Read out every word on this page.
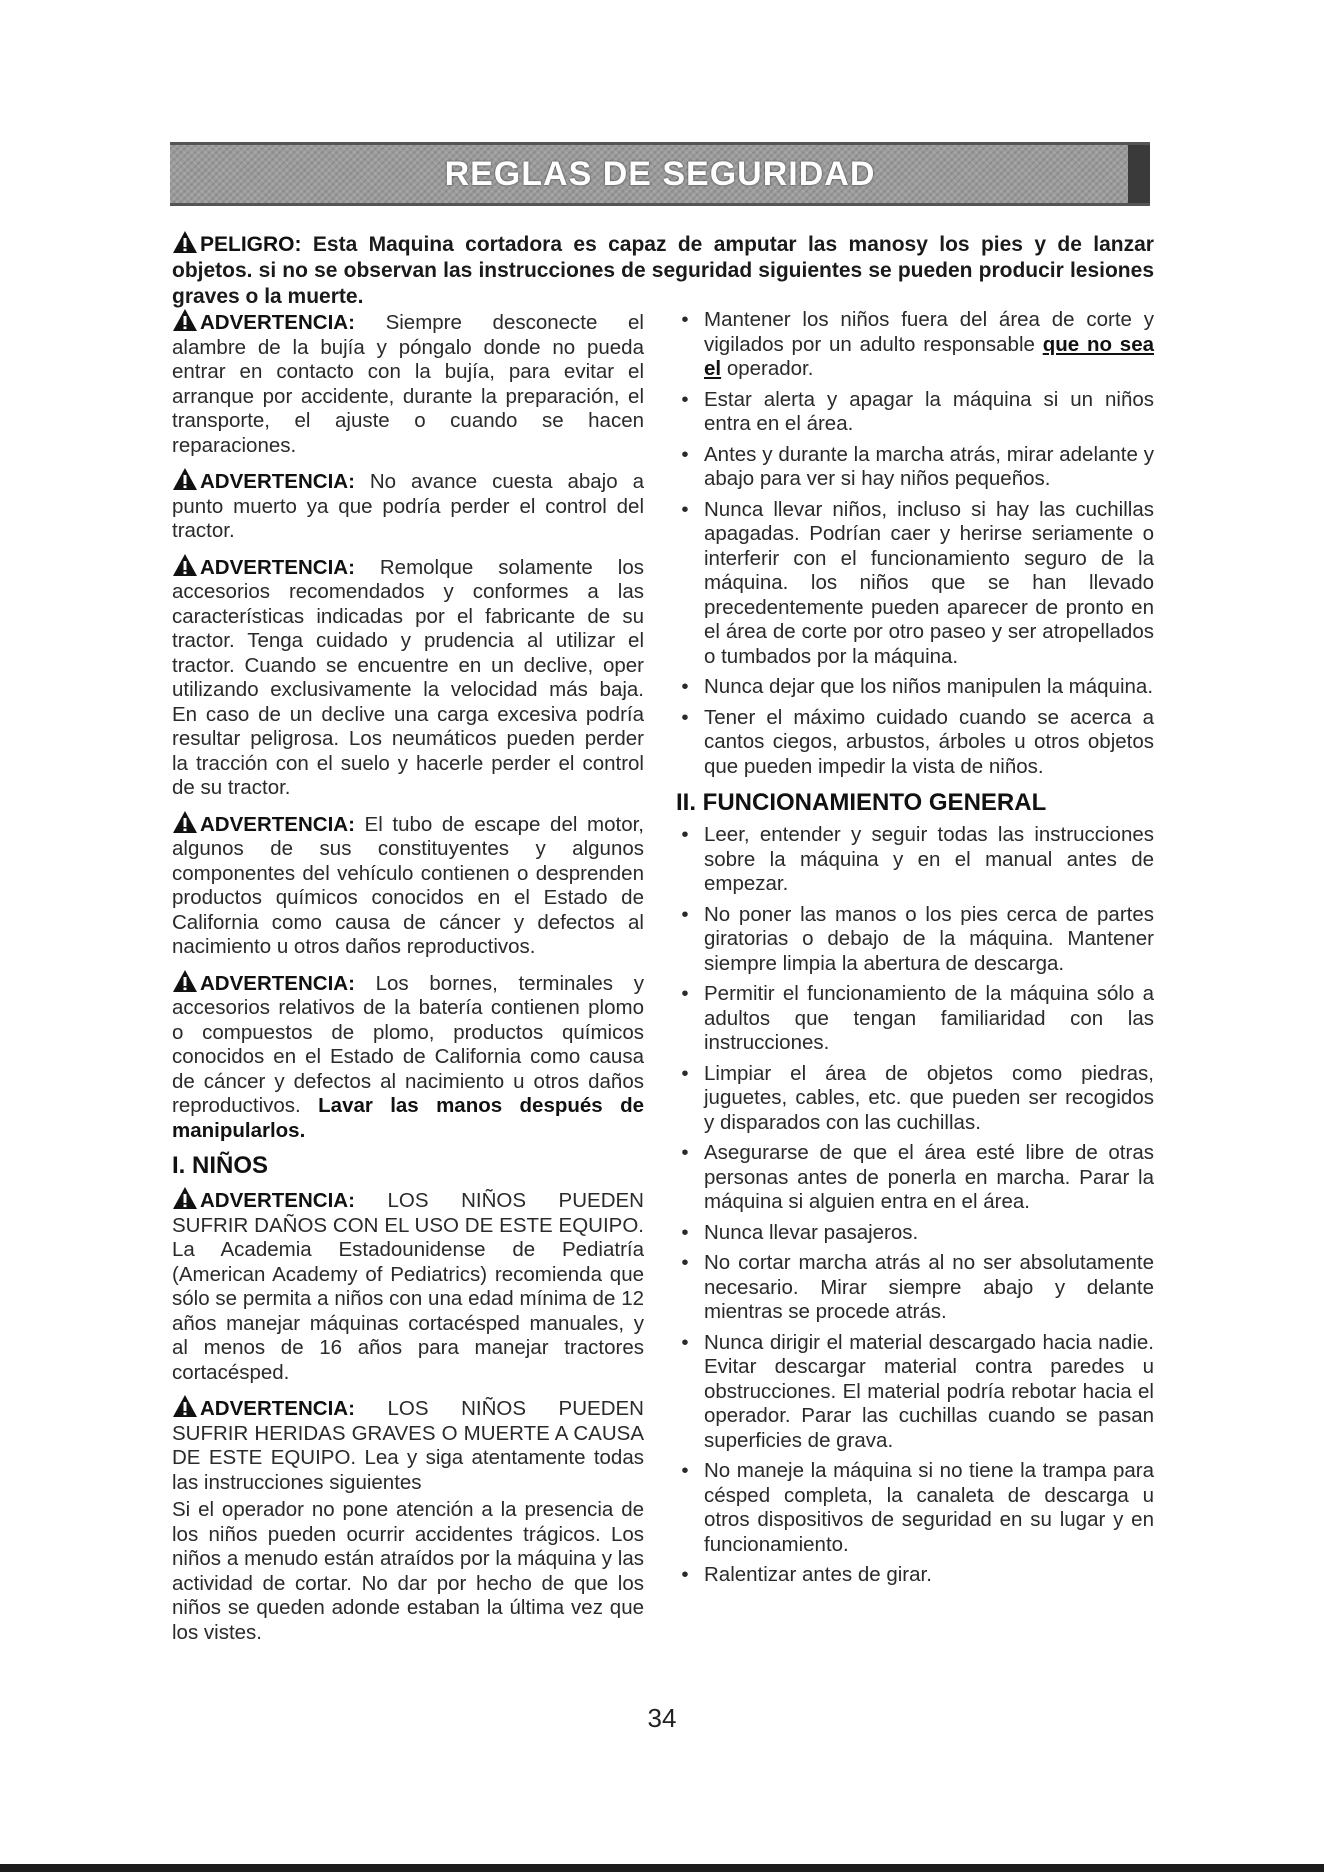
REGLAS DE SEGURIDAD
PELIGRO: Esta Maquina cortadora es capaz de amputar las manosy los pies y de lanzar objetos. si no se observan las instrucciones de seguridad siguientes se pueden producir lesiones graves o la muerte.

ADVERTENCIA: Siempre desconecte el alambre de la bujía y póngalo donde no pueda entrar en contacto con la bujía, para evitar el arranque por accidente, durante la preparación, el transporte, el ajuste o cuando se hacen reparaciones.

ADVERTENCIA: No avance cuesta abajo a punto muerto ya que podría perder el control del tractor.

ADVERTENCIA: Remolque solamente los accesorios recomendados y conformes a las características indicadas por el fabricante de su tractor. Tenga cuidado y prudencia al utilizar el tractor. Cuando se encuentre en un declive, oper utilizando exclusivamente la velocidad más baja. En caso de un declive una carga excesiva podría resultar peligrosa. Los neumáticos pueden perder la tracción con el suelo y hacerle perder el control de su tractor.

ADVERTENCIA: El tubo de escape del motor, algunos de sus constituyentes y algunos componentes del vehículo contienen o desprenden productos químicos conocidos en el Estado de California como causa de cáncer y defectos al nacimiento u otros daños reproductivos.

ADVERTENCIA: Los bornes, terminales y accesorios relativos de la batería contienen plomo o compuestos de plomo, productos químicos conocidos en el Estado de California como causa de cáncer y defectos al nacimiento u otros daños reproductivos. Lavar las manos después de manipularlos.

I. NIÑOS

ADVERTENCIA: LOS NIÑOS PUEDEN SUFRIR DAÑOS CON EL USO DE ESTE EQUIPO. La Academia Estadounidense de Pediatría (American Academy of Pediatrics) recomienda que sólo se permita a niños con una edad mínima de 12 años manejar máquinas cortacésped manuales, y al menos de 16 años para manejar tractores cortacésped.

ADVERTENCIA: LOS NIÑOS PUEDEN SUFRIR HERIDAS GRAVES O MUERTE A CAUSA DE ESTE EQUIPO. Lea y siga atentamente todas las instrucciones siguientes

Si el operador no pone atención a la presencia de los niños pueden ocurrir accidentes trágicos. Los niños a menudo están atraídos por la máquina y las actividad de cortar. No dar por hecho de que los niños se queden adonde estaban la última vez que los vistes.

• Mantener los niños fuera del área de corte y vigilados por un adulto responsable que no sea el operador.
• Estar alerta y apagar la máquina si un niños entra en el área.
• Antes y durante la marcha atrás, mirar adelante y abajo para ver si hay niños pequeños.
• Nunca llevar niños, incluso si hay las cuchillas apagadas. Podrían caer y herirse seriamente o interferir con el funcionamiento seguro de la máquina. los niños que se han llevado precedentemente pueden aparecer de pronto en el área de corte por otro paseo y ser atropellados o tumbados por la máquina.
• Nunca dejar que los niños manipulen la máquina.
• Tener el máximo cuidado cuando se acerca a cantos ciegos, arbustos, árboles u otros objetos que pueden impedir la vista de niños.
II. FUNCIONAMIENTO GENERAL
• Leer, entender y seguir todas las instrucciones sobre la máquina y en el manual antes de empezar.
• No poner las manos o los pies cerca de partes giratorias o debajo de la máquina. Mantener siempre limpia la abertura de descarga.
• Permitir el funcionamiento de la máquina sólo a adultos que tengan familiaridad con las instrucciones.
• Limpiar el área de objetos como piedras, juguetes, cables, etc. que pueden ser recogidos y disparados con las cuchillas.
• Asegurarse de que el área esté libre de otras personas antes de ponerla en marcha. Parar la máquina si alguien entra en el área.
• Nunca llevar pasajeros.
• No cortar marcha atrás al no ser absolutamente necesario. Mirar siempre abajo y delante mientras se procede atrás.
• Nunca dirigir el material descargado hacia nadie. Evitar descargar material contra paredes u obstrucciones. El material podría rebotar hacia el operador. Parar las cuchillas cuando se pasan superficies de grava.
• No maneje la máquina si no tiene la trampa para césped completa, la canaleta de descarga u otros dispositivos de seguridad en su lugar y en funcionamiento.
• Ralentizar antes de girar.
34
